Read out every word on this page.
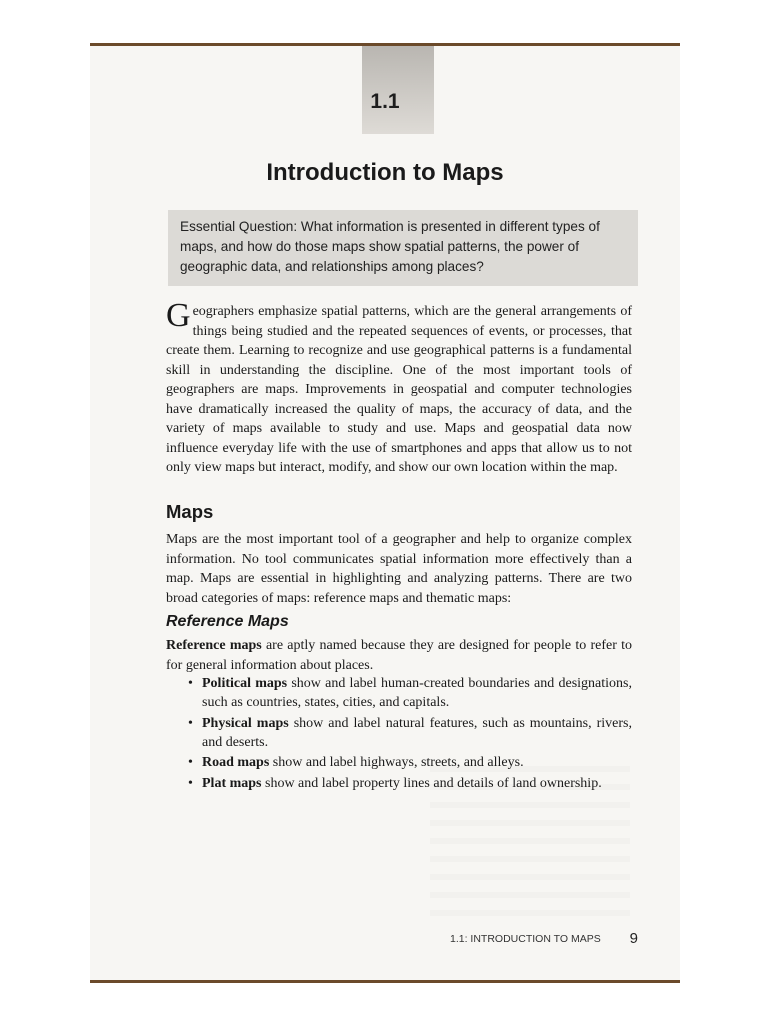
1.1
Introduction to Maps
Essential Question: What information is presented in different types of maps, and how do those maps show spatial patterns, the power of geographic data, and relationships among places?

Geographers emphasize spatial patterns, which are the general arrangements of things being studied and the repeated sequences of events, or processes, that create them. Learning to recognize and use geographical patterns is a fundamental skill in understanding the discipline. One of the most important tools of geographers are maps. Improvements in geospatial and computer technologies have dramatically increased the quality of maps, the accuracy of data, and the variety of maps available to study and use. Maps and geospatial data now influence everyday life with the use of smartphones and apps that allow us to not only view maps but interact, modify, and show our own location within the map.

Maps

Maps are the most important tool of a geographer and help to organize complex information. No tool communicates spatial information more effectively than a map. Maps are essential in highlighting and analyzing patterns. There are two broad categories of maps: reference maps and thematic maps:

Reference Maps

Reference maps are aptly named because they are designed for people to refer to for general information about places.

• Political maps show and label human-created boundaries and designations, such as countries, states, cities, and capitals.
• Physical maps show and label natural features, such as mountains, rivers, and deserts.
• Road maps show and label highways, streets, and alleys.
• Plat maps show and label property lines and details of land ownership.
1.1: INTRODUCTION TO MAPS 9
